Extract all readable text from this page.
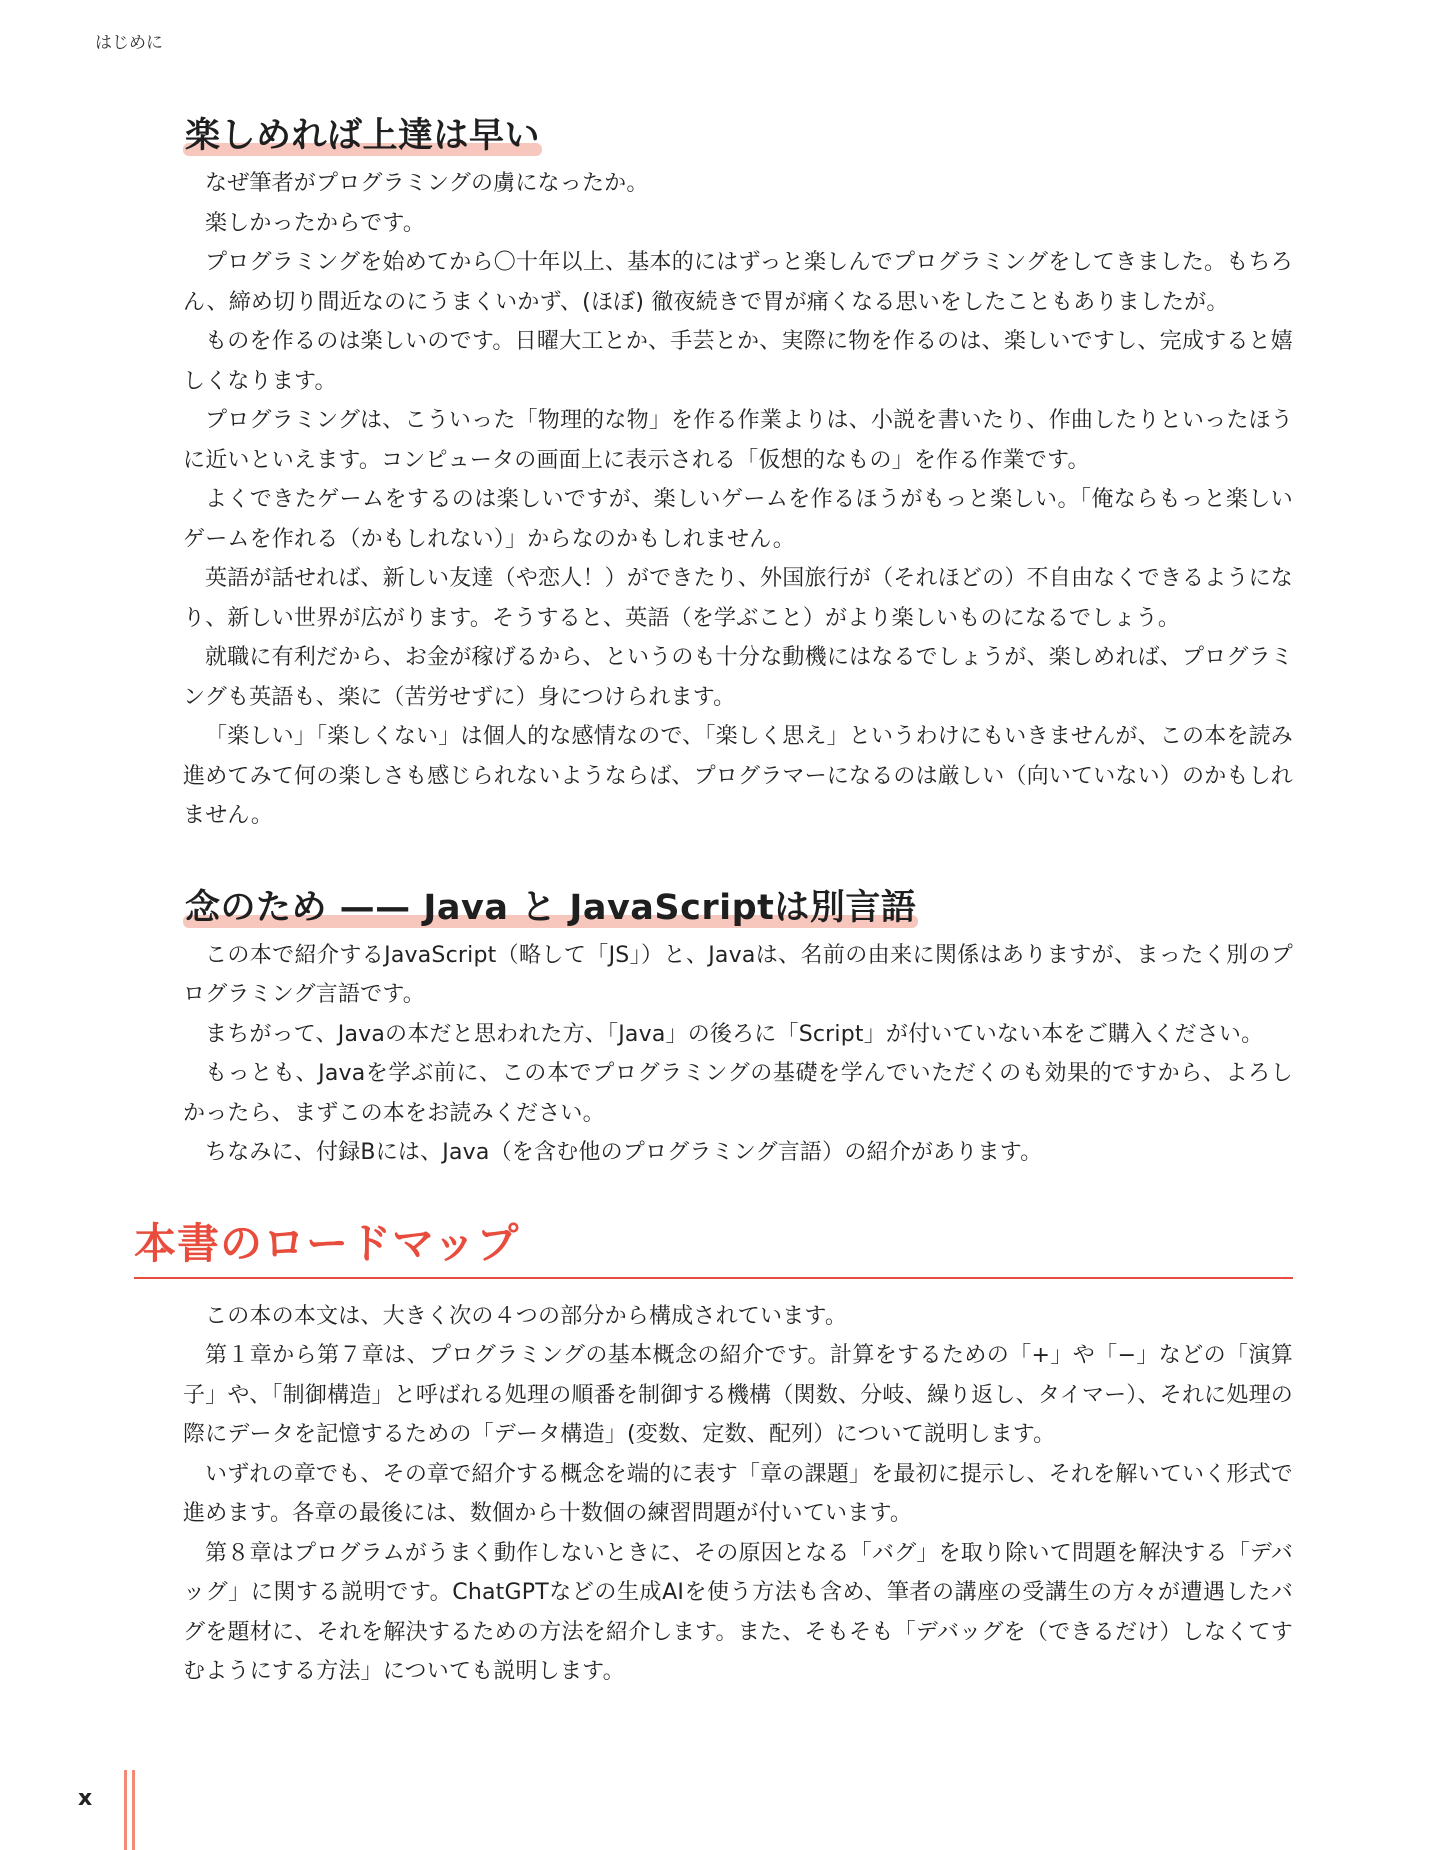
はじめに
楽しめれば上達は早い

なぜ筆者がプログラミングの虜になったか。

楽しかったからです。

プログラミングを始めてから〇十年以上、基本的にはずっと楽しんでプログラミングをしてきました。もちろん、締め切り間近なのにうまくいかず、(ほぼ) 徹夜続きで胃が痛くなる思いをしたこともありましたが。

ものを作るのは楽しいのです。日曜大工とか、手芸とか、実際に物を作るのは、楽しいですし、完成すると嬉しくなります。

プログラミングは、こういった「物理的な物」を作る作業よりは、小説を書いたり、作曲したりといったほうに近いといえます。コンピュータの画面上に表示される「仮想的なもの」を作る作業です。

よくできたゲームをするのは楽しいですが、楽しいゲームを作るほうがもっと楽しい。「俺ならもっと楽しいゲームを作れる（かもしれない）」からなのかもしれません。

英語が話せれば、新しい友達（や恋人！）ができたり、外国旅行が（それほどの）不自由なくできるようになり、新しい世界が広がります。そうすると、英語（を学ぶこと）がより楽しいものになるでしょう。

就職に有利だから、お金が稼げるから、というのも十分な動機にはなるでしょうが、楽しめれば、プログラミングも英語も、楽に（苦労せずに）身につけられます。

「楽しい」「楽しくない」は個人的な感情なので、「楽しく思え」というわけにもいきませんが、この本を読み進めてみて何の楽しさも感じられないようならば、プログラマーになるのは厳しい（向いていない）のかもしれません。

念のため —— Java と JavaScriptは別言語

この本で紹介するJavaScript（略して「JS」）と、Javaは、名前の由来に関係はありますが、まったく別のプログラミング言語です。

まちがって、Javaの本だと思われた方、「Java」の後ろに「Script」が付いていない本をご購入ください。

もっとも、Javaを学ぶ前に、この本でプログラミングの基礎を学んでいただくのも効果的ですから、よろしかったら、まずこの本をお読みください。

ちなみに、付録Bには、Java（を含む他のプログラミング言語）の紹介があります。

本書のロードマップ

この本の本文は、大きく次の４つの部分から構成されています。

第１章から第７章は、プログラミングの基本概念の紹介です。計算をするための「+」や「−」などの「演算子」や、「制御構造」と呼ばれる処理の順番を制御する機構（関数、分岐、繰り返し、タイマー）、それに処理の際にデータを記憶するための「データ構造」(変数、定数、配列）について説明します。

いずれの章でも、その章で紹介する概念を端的に表す「章の課題」を最初に提示し、それを解いていく形式で進めます。各章の最後には、数個から十数個の練習問題が付いています。

第８章はプログラムがうまく動作しないときに、その原因となる「バグ」を取り除いて問題を解決する「デバッグ」に関する説明です。ChatGPTなどの生成AIを使う方法も含め、筆者の講座の受講生の方々が遭遇したバグを題材に、それを解決するための方法を紹介します。また、そもそも「デバッグを（できるだけ）しなくてすむようにする方法」についても説明します。

x
